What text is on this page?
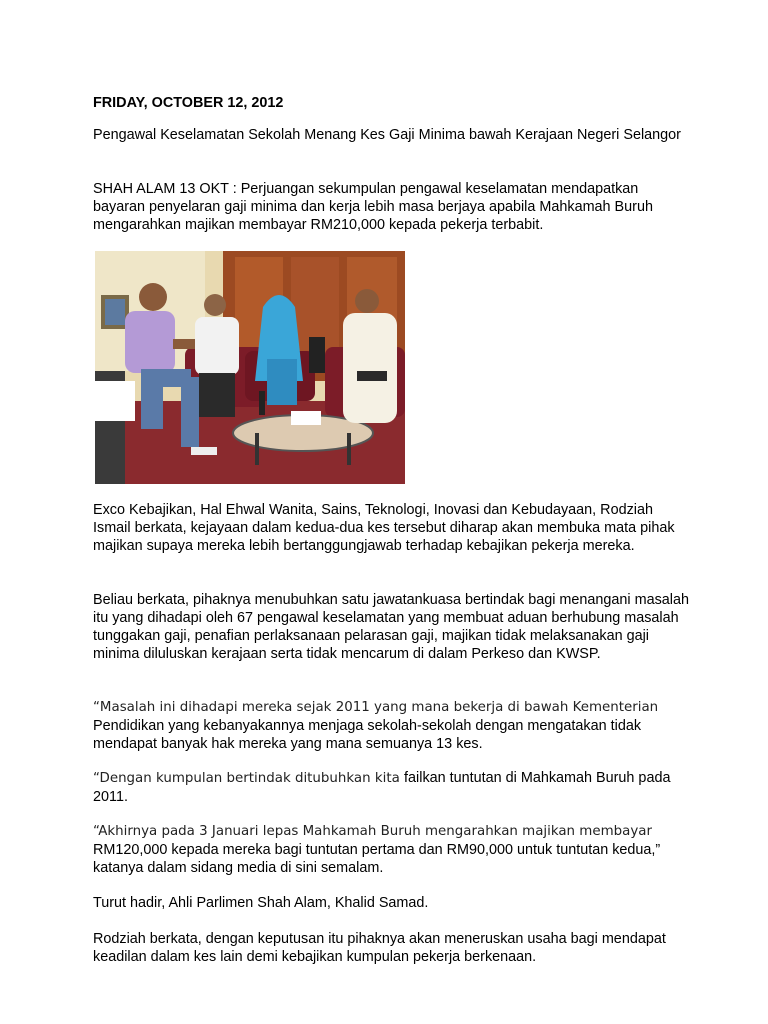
FRIDAY, OCTOBER 12, 2012

Pengawal Keselamatan Sekolah Menang Kes Gaji Minima bawah Kerajaan Negeri Selangor

SHAH ALAM 13 OKT : Perjuangan sekumpulan pengawal keselamatan mendapatkan bayaran penyelaran gaji minima dan kerja lebih masa berjaya apabila Mahkamah Buruh mengarahkan majikan membayar RM210,000 kepada pekerja terbabit.

Exco Kebajikan, Hal Ehwal Wanita, Sains, Teknologi, Inovasi dan Kebudayaan, Rodziah Ismail berkata, kejayaan dalam kedua-dua kes tersebut diharap akan membuka mata pihak majikan supaya mereka lebih bertanggungjawab terhadap kebajikan pekerja mereka.

Beliau berkata, pihaknya menubuhkan satu jawatankuasa bertindak bagi menangani masalah itu yang dihadapi oleh 67 pengawal keselamatan yang membuat aduan berhubung masalah tunggakan gaji, penafian perlaksanaan pelarasan gaji, majikan tidak melaksanakan gaji minima diluluskan kerajaan serta tidak mencarum di dalam Perkeso dan KWSP.

“Masalah ini dihadapi mereka sejak 2011 yang mana bekerja di bawah Kementerian
Pendidikan yang kebanyakannya menjaga sekolah-sekolah dengan mengatakan tidak mendapat banyak hak mereka yang mana semuanya 13 kes.

“Dengan kumpulan bertindak ditubuhkan kita failkan tuntutan di Mahkamah Buruh pada 2011.

“Akhirnya pada 3 Januari lepas Mahkamah Buruh mengarahkan majikan membayar
RM120,000 kepada mereka bagi tuntutan pertama dan RM90,000 untuk tuntutan kedua,” katanya dalam sidang media di sini semalam.

Turut hadir, Ahli Parlimen Shah Alam, Khalid Samad.

Rodziah berkata, dengan keputusan itu pihaknya akan meneruskan usaha bagi mendapat keadilan dalam kes lain demi kebajikan kumpulan pekerja berkenaan.
